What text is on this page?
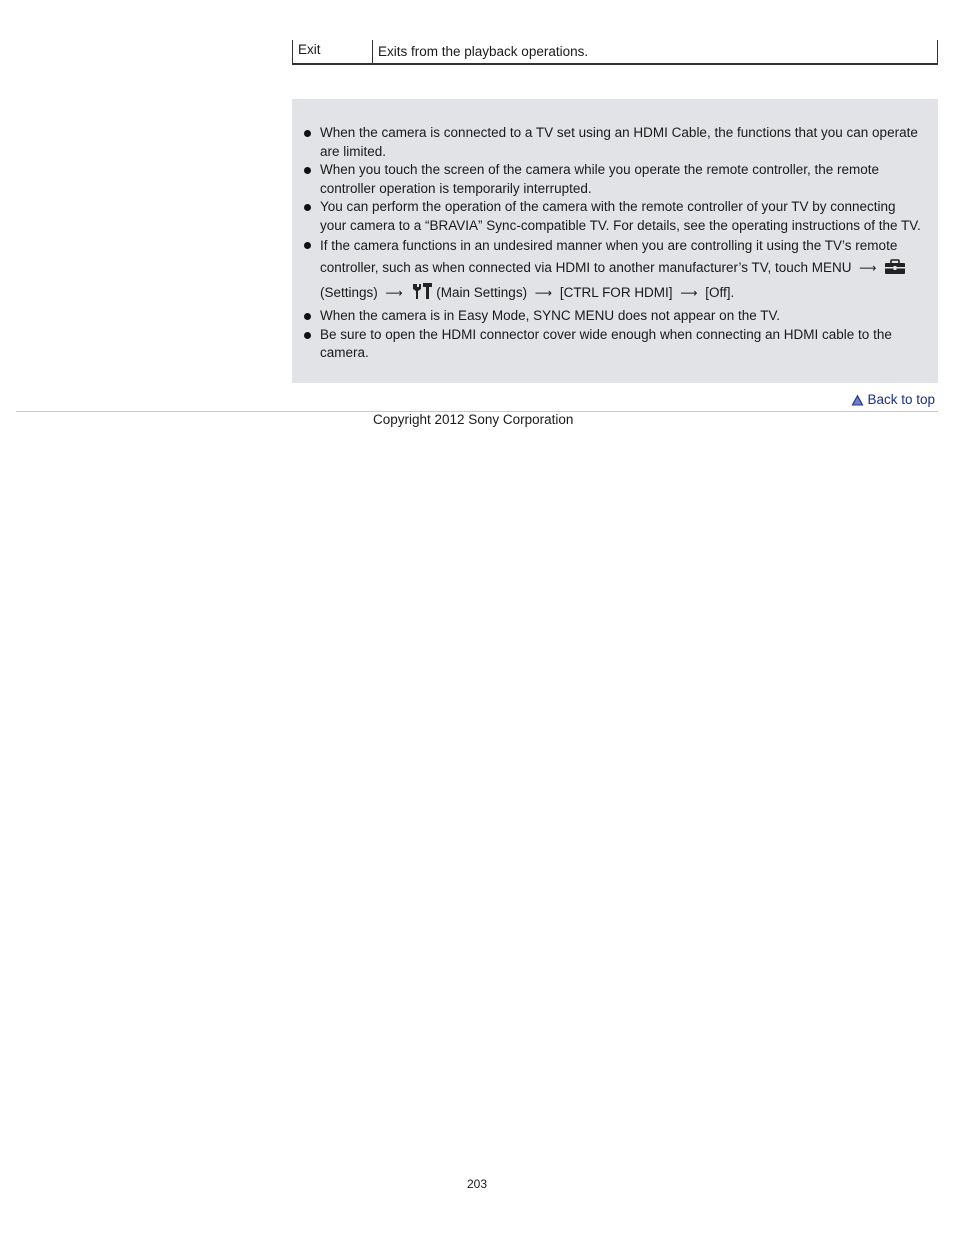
Exit	Exits from the playback operations.
When the camera is connected to a TV set using an HDMI Cable, the functions that you can operate are limited.
When you touch the screen of the camera while you operate the remote controller, the remote controller operation is temporarily interrupted.
You can perform the operation of the camera with the remote controller of your TV by connecting your camera to a “BRAVIA” Sync-compatible TV. For details, see the operating instructions of the TV.
If the camera functions in an undesired manner when you are controlling it using the TV’s remote controller, such as when connected via HDMI to another manufacturer’s TV, touch MENU ⟶  (Settings) ⟶ (Main Settings) ⟶ [CTRL FOR HDMI] ⟶ [Off].
When the camera is in Easy Mode, SYNC MENU does not appear on the TV.
Be sure to open the HDMI connector cover wide enough when connecting an HDMI cable to the camera.
Back to top
Copyright 2012 Sony Corporation
203
